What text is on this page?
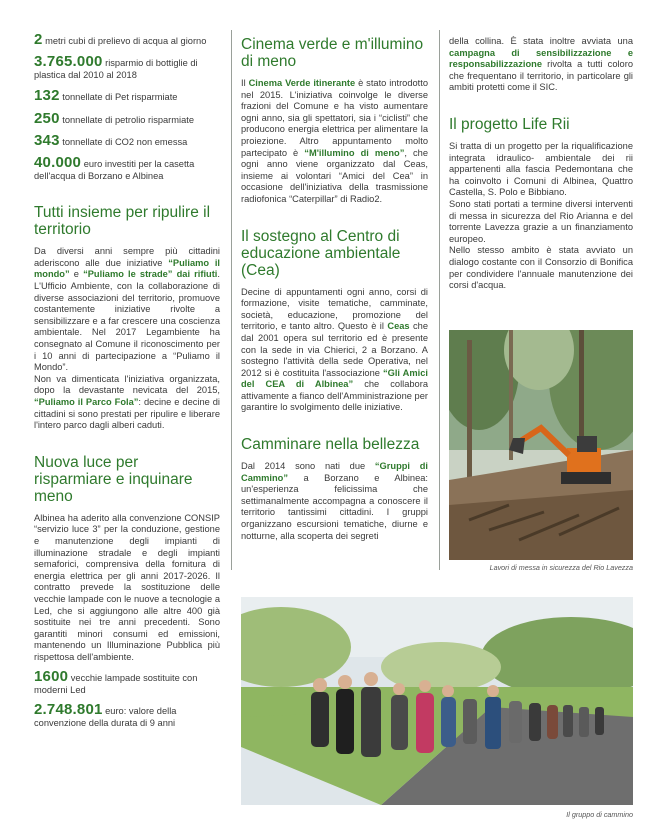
2 metri cubi di prelievo di acqua al giorno
3.765.000 risparmio di bottiglie di plastica dal 2010 al 2018
132 tonnellate di Pet risparmiate
250 tonnellate di petrolio risparmiate
343 tonnellate di CO2 non emessa
40.000 euro investiti per la casetta dell'acqua di Borzano e Albinea
Tutti insieme per ripulire il territorio

Da diversi anni sempre più cittadini aderiscono alle due iniziative “Puliamo il mondo” e “Puliamo le strade” dai rifiuti. L'Ufficio Ambiente, con la collaborazione di diverse associazioni del territorio, promuove costantemente iniziative rivolte a sensibilizzare e a far crescere una coscienza ambientale. Nel 2017 Legambiente ha consegnato al Comune il riconoscimento per i 10 anni di partecipazione a “Puliamo il Mondo”.

Non va dimenticata l'iniziativa organizzata, dopo la devastante nevicata del 2015, “Puliamo il Parco Fola”: decine e decine di cittadini si sono prestati per ripulire e liberare l'intero parco dagli alberi caduti.

Nuova luce per risparmiare e inquinare meno

Albinea ha aderito alla convenzione CONSIP “servizio luce 3” per la conduzione, gestione e manutenzione degli impianti di illuminazione stradale e degli impianti semaforici, comprensiva della fornitura di energia elettrica per gli anni 2017-2026. Il contratto prevede la sostituzione delle vecchie lampade con le nuove a tecnologie a Led, che si aggiungono alle altre 400 già sostituite nei tre anni precedenti. Sono garantiti minori consumi ed emissioni, mantenendo un Illuminazione Pubblica più rispettosa dell'ambiente.

1600 vecchie lampade sostituite con moderni Led
2.748.801 euro: valore della convenzione della durata di 9 anni
Cinema verde e m'illumino di meno

Il Cinema Verde itinerante è stato introdotto nel 2015. L'iniziativa coinvolge le diverse frazioni del Comune e ha visto aumentare ogni anno, sia gli spettatori, sia i “ciclisti” che producono energia elettrica per alimentare la proiezione. Altro appuntamento molto partecipato è “M'illumino di meno”, che ogni anno viene organizzato dal Ceas, insieme ai volontari “Amici del Cea” in occasione dell'iniziativa della trasmissione radiofonica “Caterpillar” di Radio2.

Il sostegno al Centro di educazione ambientale (Cea)

Decine di appuntamenti ogni anno, corsi di formazione, visite tematiche, camminate, società, educazione, promozione del territorio, e tanto altro. Questo è il Ceas che dal 2001 opera sul territorio ed è presente con la sede in via Chierici, 2 a Borzano. A sostegno l'attività della sede Operativa, nel 2012 si è costituita l'associazione “Gli Amici del CEA di Albinea” che collabora attivamente a fianco dell'Amministrazione per garantire lo svolgimento delle iniziative.

Camminare nella bellezza

Dal 2014 sono nati due “Gruppi di Cammino” a Borzano e Albinea: un'esperienza felicissima che settimanalmente accompagna a conoscere il territorio tantissimi cittadini. I gruppi organizzano escursioni tematiche, diurne e notturne, alla scoperta dei segreti

della collina. È stata inoltre avviata una campagna di sensibilizzazione e responsabilizzazione rivolta a tutti coloro che frequentano il territorio, in particolare gli ambiti protetti come il SIC.

Il progetto Life Rii

Si tratta di un progetto per la riqualificazione integrata idraulico- ambientale dei rii appartenenti alla fascia Pedemontana che ha coinvolto i Comuni di Albinea, Quattro Castella, S. Polo e Bibbiano.

Sono stati portati a termine diversi interventi di messa in sicurezza del Rio Arianna e del torrente Lavezza grazie a un finanziamento europeo.

Nello stesso ambito è stata avviato un dialogo costante con il Consorzio di Bonifica per condividere l'annuale manutenzione dei corsi d'acqua.

Lavori di messa in sicurezza del Rio Lavezza
Il gruppo di cammino
